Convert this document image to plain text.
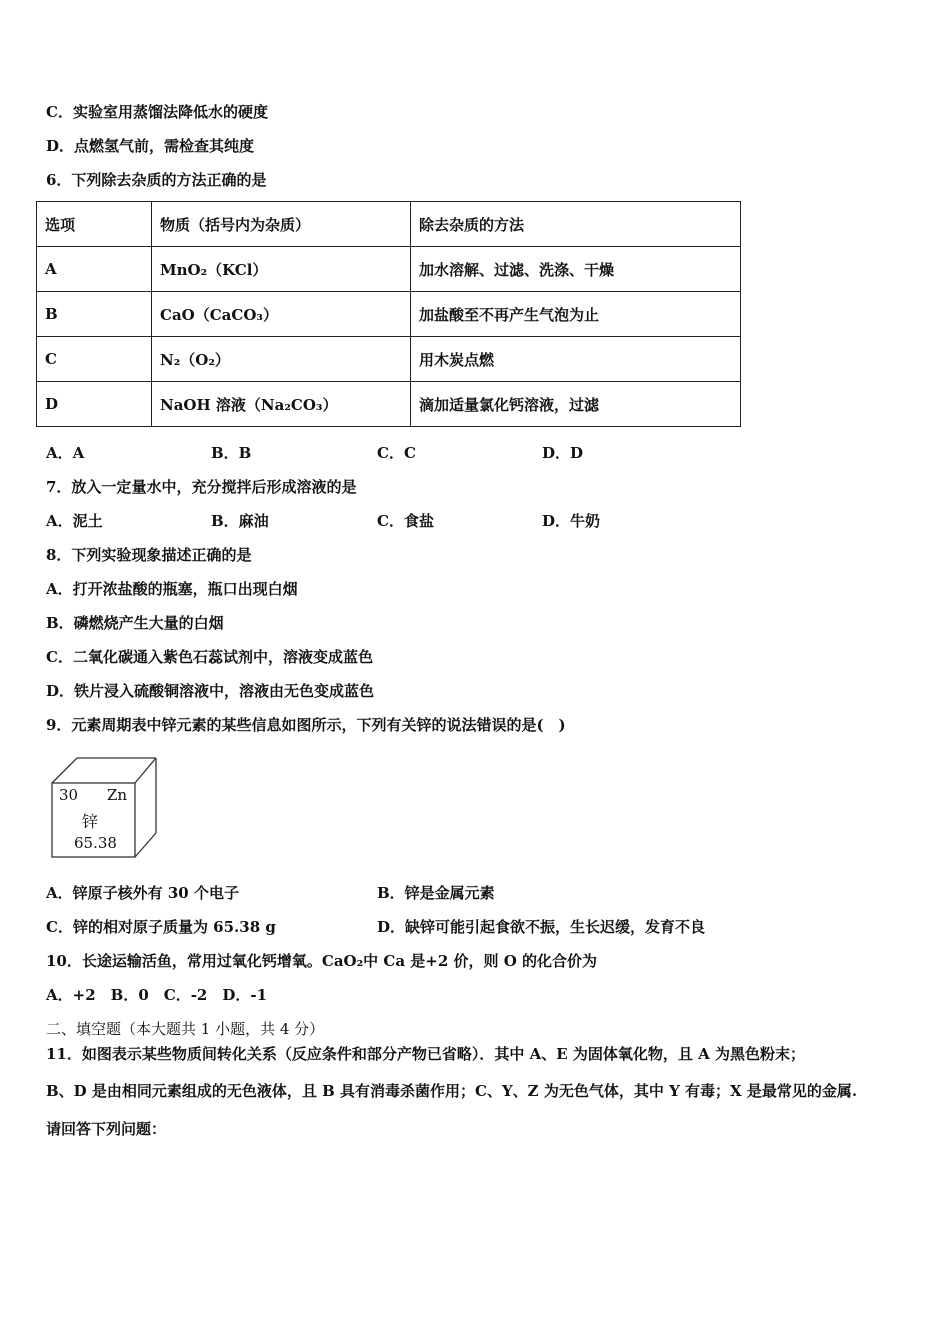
C．实验室用蒸馏法降低水的硬度
D．点燃氢气前，需检查其纯度
6．下列除去杂质的方法正确的是
选项	物质（括号内为杂质）	除去杂质的方法
A	MnO₂（KCl）	加水溶解、过滤、洗涤、干燥
B	CaO（CaCO₃）	加盐酸至不再产生气泡为止
C	N₂（O₂）	用木炭点燃
D	NaOH 溶液（Na₂CO₃）	滴加适量氯化钙溶液，过滤
A．A	B．B	C．C	D．D
7．放入一定量水中，充分搅拌后形成溶液的是
A．泥土	B．麻油	C．食盐	D．牛奶
8．下列实验现象描述正确的是
A．打开浓盐酸的瓶塞，瓶口出现白烟
B．磷燃烧产生大量的白烟
C．二氧化碳通入紫色石蕊试剂中，溶液变成蓝色
D．铁片浸入硫酸铜溶液中，溶液由无色变成蓝色
9．元素周期表中锌元素的某些信息如图所示，下列有关锌的说法错误的是(　)
30 Zn
锌
65.38
A．锌原子核外有 30 个电子	B．锌是金属元素
C．锌的相对原子质量为 65.38 g	D．缺锌可能引起食欲不振，生长迟缓，发育不良
10．长途运输活鱼，常用过氧化钙增氧。CaO₂中 Ca 是+2 价，则 O 的化合价为
A．+2　B．0　C．-2　D．-1
二、填空题（本大题共 1 小题，共 4 分）
11．如图表示某些物质间转化关系（反应条件和部分产物已省略）．其中 A、E 为固体氧化物，且 A 为黑色粉末；
B、D 是由相同元素组成的无色液体，且 B 具有消毒杀菌作用；C、Y、Z 为无色气体，其中 Y 有毒；X 是最常见的金属.
请回答下列问题：
